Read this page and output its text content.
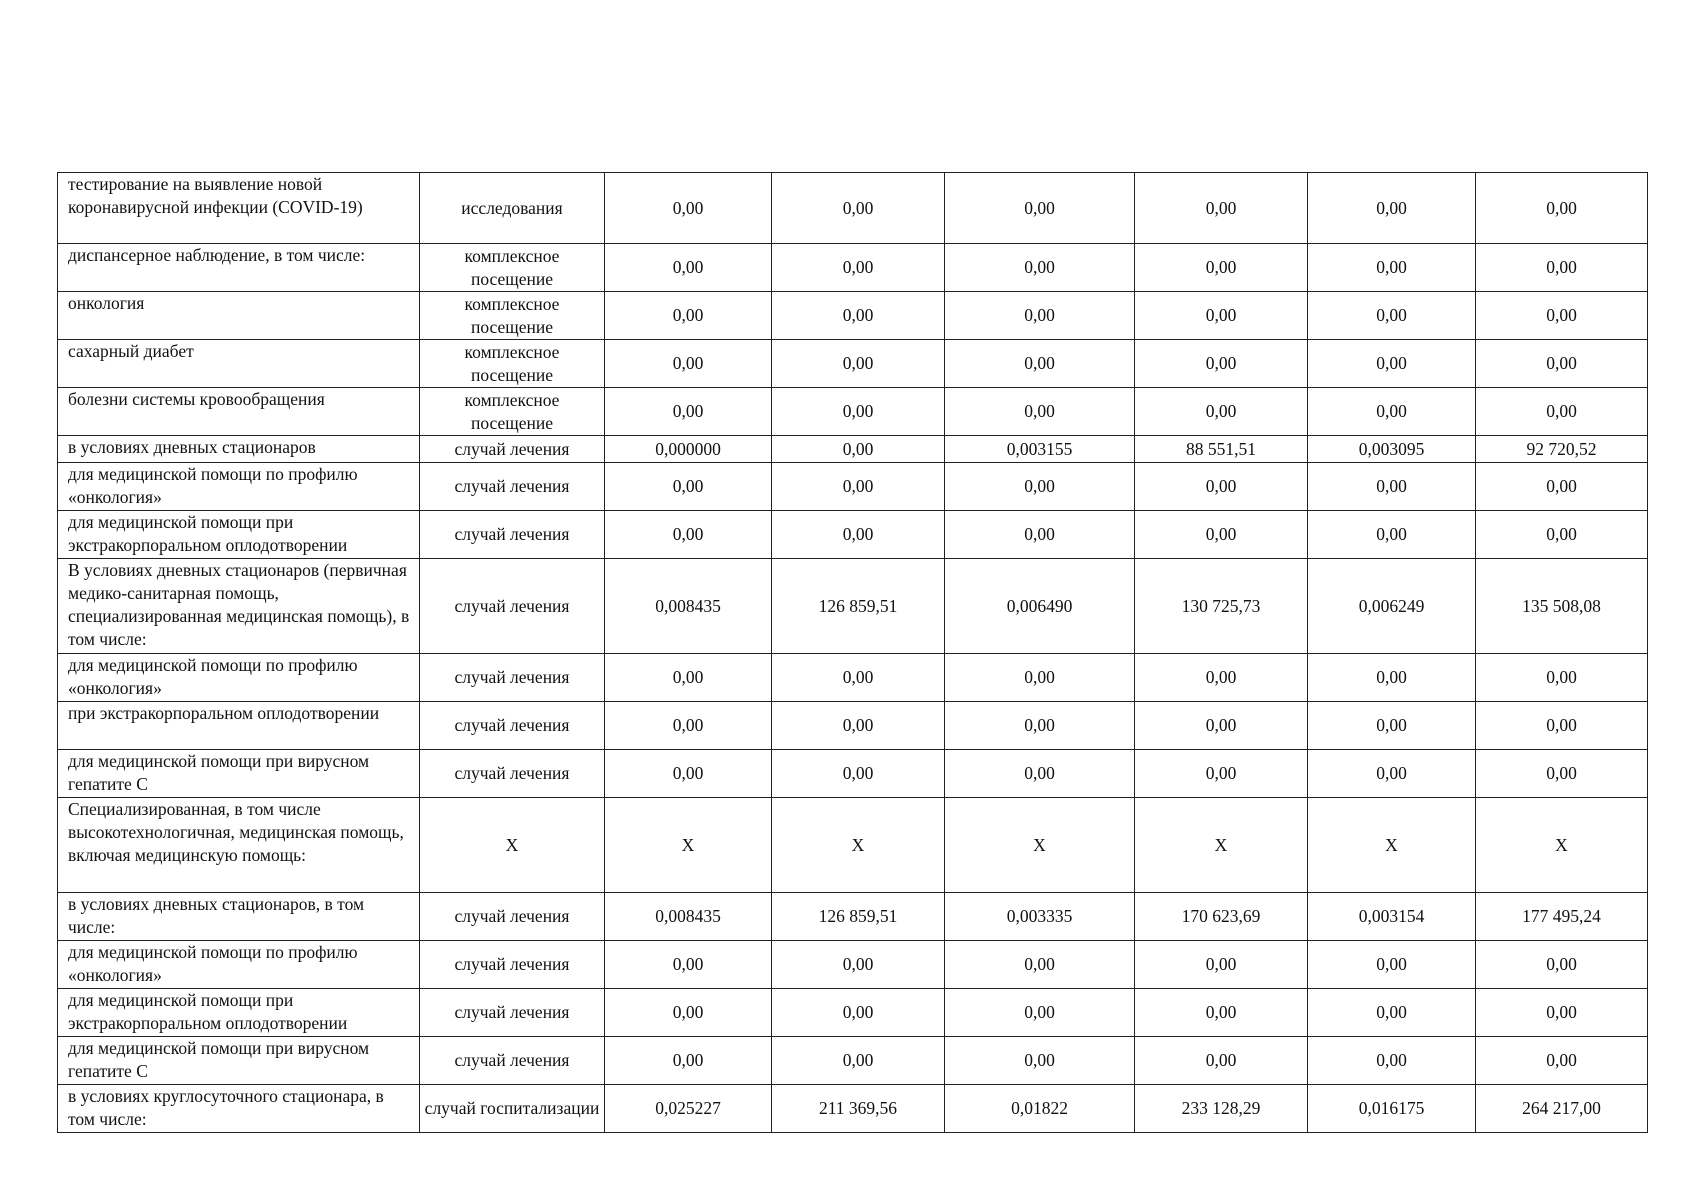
тестирование на выявление новой коронавирусной инфекции (COVID-19)	исследования	0,00	0,00	0,00	0,00	0,00	0,00
диспансерное наблюдение, в том числе:	комплексное посещение	0,00	0,00	0,00	0,00	0,00	0,00
онкология	комплексное посещение	0,00	0,00	0,00	0,00	0,00	0,00
сахарный диабет	комплексное посещение	0,00	0,00	0,00	0,00	0,00	0,00
болезни системы кровообращения	комплексное посещение	0,00	0,00	0,00	0,00	0,00	0,00
в условиях дневных стационаров	случай лечения	0,000000	0,00	0,003155	88 551,51	0,003095	92 720,52
для медицинской помощи по профилю «онкология»	случай лечения	0,00	0,00	0,00	0,00	0,00	0,00
для медицинской помощи при экстракорпоральном оплодотворении	случай лечения	0,00	0,00	0,00	0,00	0,00	0,00
В условиях дневных стационаров (первичная медико-санитарная помощь, специализированная медицинская помощь), в том числе:	случай лечения	0,008435	126 859,51	0,006490	130 725,73	0,006249	135 508,08
для медицинской помощи по профилю «онкология»	случай лечения	0,00	0,00	0,00	0,00	0,00	0,00
при экстракорпоральном оплодотворении	случай лечения	0,00	0,00	0,00	0,00	0,00	0,00
для медицинской помощи при вирусном гепатите С	случай лечения	0,00	0,00	0,00	0,00	0,00	0,00
Специализированная, в том числе высокотехнологичная, медицинская помощь, включая медицинскую помощь:	Х	Х	Х	Х	Х	Х	Х
в условиях дневных стационаров, в том числе:	случай лечения	0,008435	126 859,51	0,003335	170 623,69	0,003154	177 495,24
для медицинской помощи по профилю «онкология»	случай лечения	0,00	0,00	0,00	0,00	0,00	0,00
для медицинской помощи при экстракорпоральном оплодотворении	случай лечения	0,00	0,00	0,00	0,00	0,00	0,00
для медицинской помощи при вирусном гепатите С	случай лечения	0,00	0,00	0,00	0,00	0,00	0,00
в условиях круглосуточного стационара, в том числе:	случай госпитализации	0,025227	211 369,56	0,01822	233 128,29	0,016175	264 217,00
